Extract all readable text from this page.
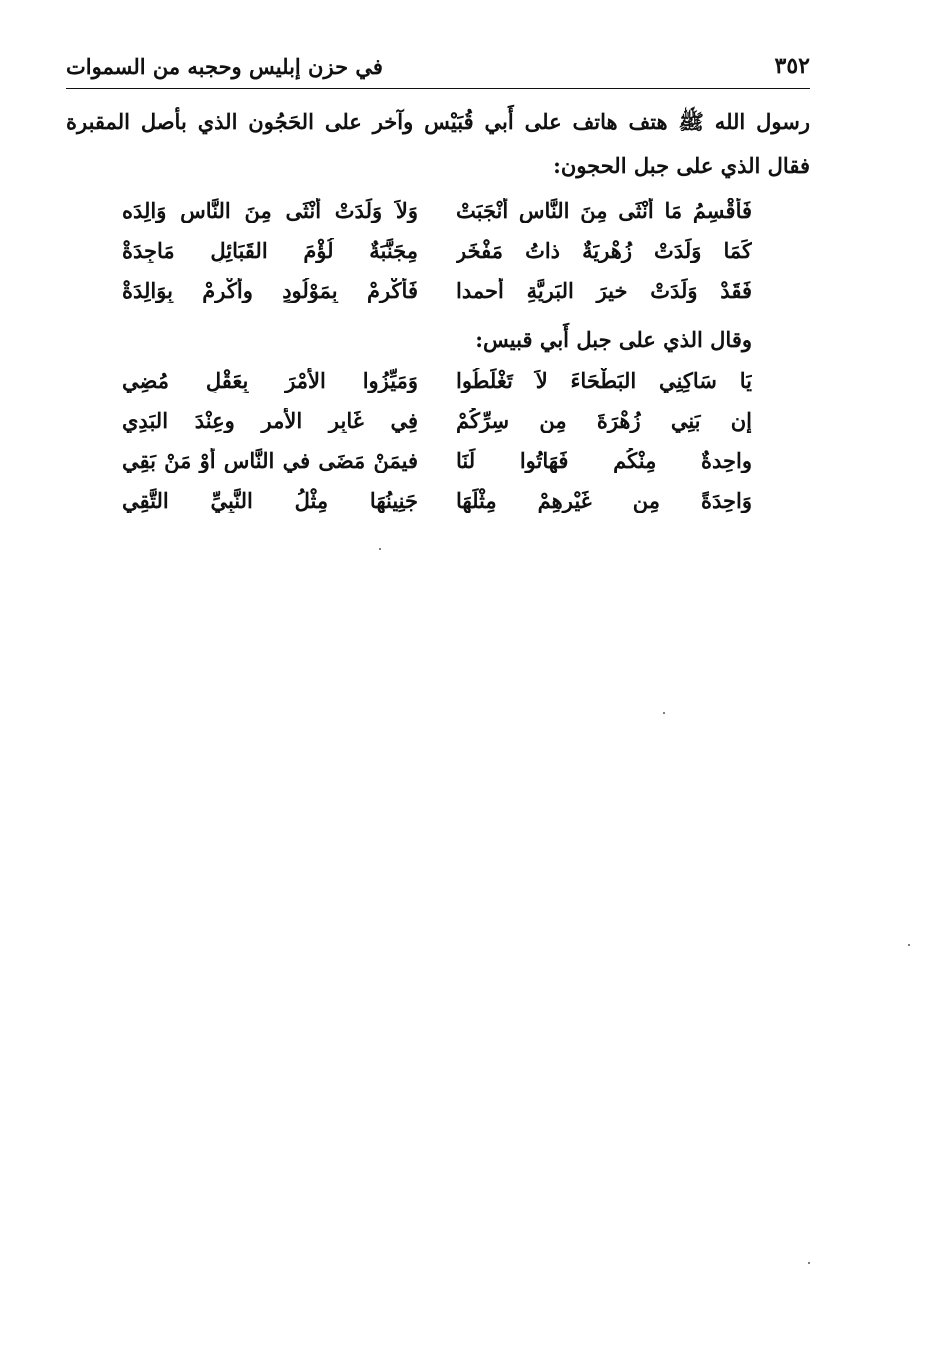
٣٥٢
في حزن إبليس وحجبه من السموات

رسول الله ﷺ هتف هاتف على أَبي قُبَيْس وآخر على الحَجُون الذي بأصل المقبرة فقال الذي على جبل الحجون:

فَأُقْسِمُ مَا أُنْثَى مِنَ النَّاسِ أَنْجَبَتْ
وَلاَ وَلَدَتْ أُنْثَى مِنَ النَّاسِ وَالِدَه
كَمَا وَلَدَتْ زُهْرِيَةٌ ذاتُ مَفْخَرِ
مِجَنَّبَةٌ لُؤْمَ القَبَائِلِ مَاجِدَةْ
فَقَدْ وَلَدَتْ خيرَ البَرِيَّةِ أَحمدا
فَأَكْرِمْ بِمَوْلُودٍ وأَكْرِمْ بِوَالِدَةْ
وقال الذي على جبل أَبي قبيس:
يَا سَاكِنِي البَطْحَاءَ لاَ تَغْلَطُوا
وَمَيِّزُوا الأَمْرَ بِعَقْلٍ مُضِي
إن بَنِي زُهْرَةَ مِن سِرِّكُمْ
فِي غَابِرِ الأَمرِ وعِنْدَ البَدِي
واحِدةٌ مِنْكُم فَهَاتُوا لَنَا
فيمَنْ مَضَى في النَّاسِ أَوْ مَنْ بَقِي
وَاحِدَةً مِن غَيْرِهِمْ مِثْلَهَا
جَنِينُهَا مِثْلُ النَّبِيِّ التَّقِي
